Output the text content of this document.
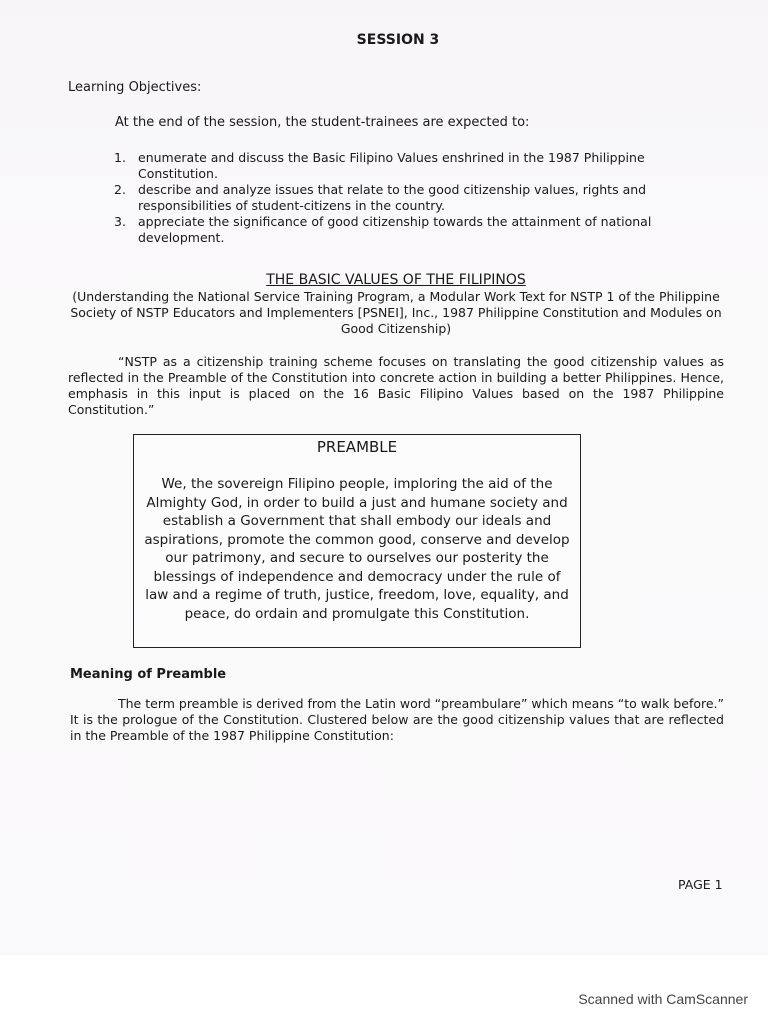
SESSION 3

Learning Objectives:

At the end of the session, the student-trainees are expected to:

1. enumerate and discuss the Basic Filipino Values enshrined in the 1987 Philippine Constitution.
2. describe and analyze issues that relate to the good citizenship values, rights and responsibilities of student-citizens in the country.
3. appreciate the significance of good citizenship towards the attainment of national development.

THE BASIC VALUES OF THE FILIPINOS

(Understanding the National Service Training Program, a Modular Work Text for NSTP 1 of the Philippine Society of NSTP Educators and Implementers [PSNEI], Inc., 1987 Philippine Constitution and Modules on Good Citizenship)

“NSTP as a citizenship training scheme focuses on translating the good citizenship values as reflected in the Preamble of the Constitution into concrete action in building a better Philippines. Hence, emphasis in this input is placed on the 16 Basic Filipino Values based on the 1987 Philippine Constitution.”

PREAMBLE

We, the sovereign Filipino people, imploring the aid of the Almighty God, in order to build a just and humane society and establish a Government that shall embody our ideals and aspirations, promote the common good, conserve and develop our patrimony, and secure to ourselves our posterity the blessings of independence and democracy under the rule of law and a regime of truth, justice, freedom, love, equality, and peace, do ordain and promulgate this Constitution.

Meaning of Preamble

The term preamble is derived from the Latin word “preambulare” which means “to walk before.” It is the prologue of the Constitution. Clustered below are the good citizenship values that are reflected in the Preamble of the 1987 Philippine Constitution:

PAGE 1

Scanned with CamScanner
